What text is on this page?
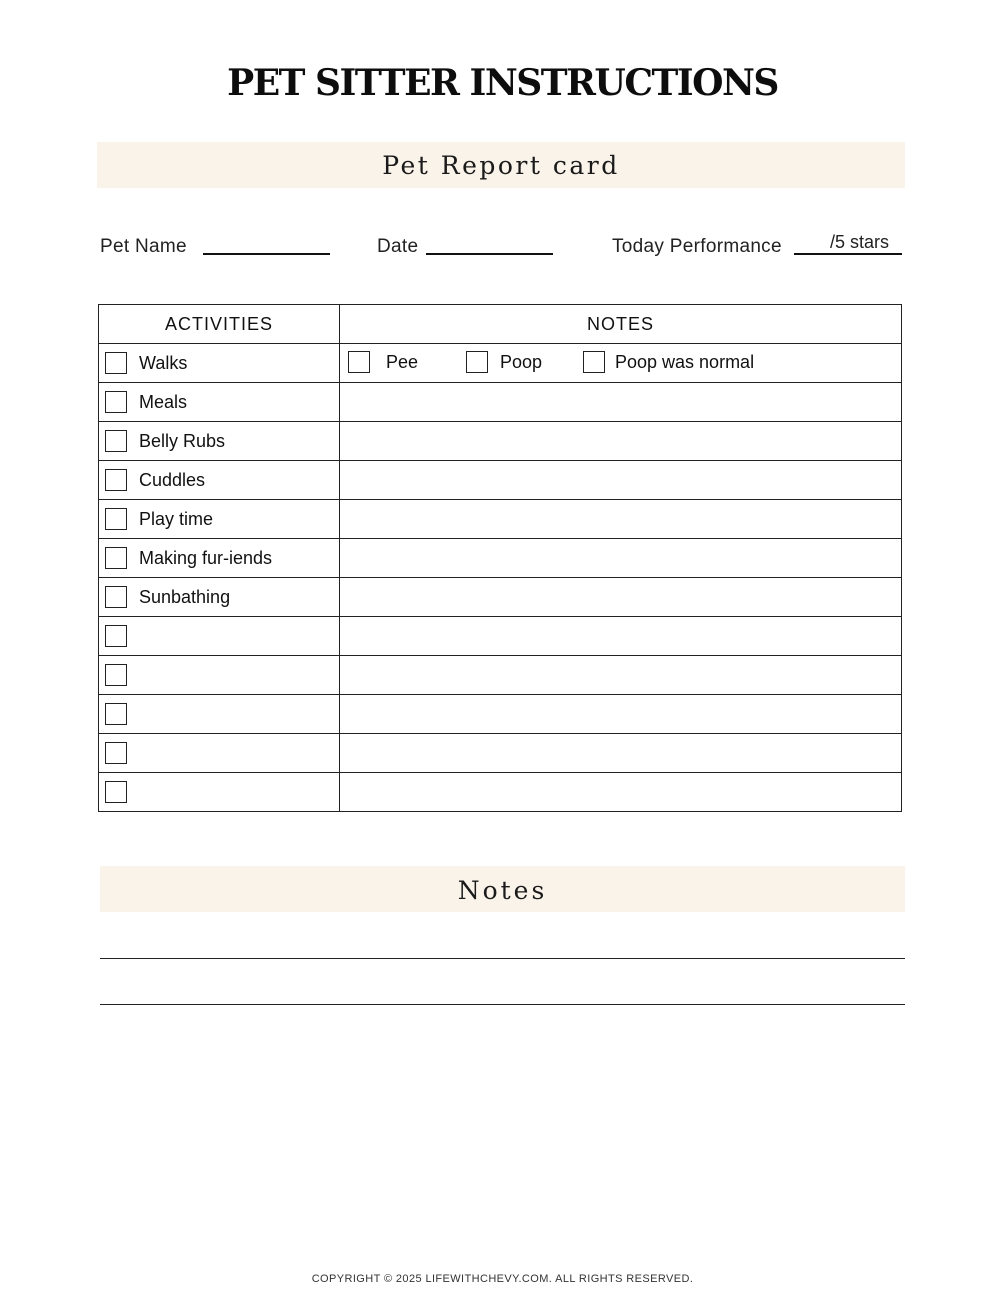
PET SITTER INSTRUCTIONS
Pet Report card
Pet Name	Date	Today Performance	/5 stars
ACTIVITIES	NOTES

Walks	Pee Poop Poop was normal

Meals	

Belly Rubs	

Cuddles	

Play time	

Making fur-iends	

Sunbathing	

Notes
COPYRIGHT © 2025 LIFEWITHCHEVY.COM. ALL RIGHTS RESERVED.
